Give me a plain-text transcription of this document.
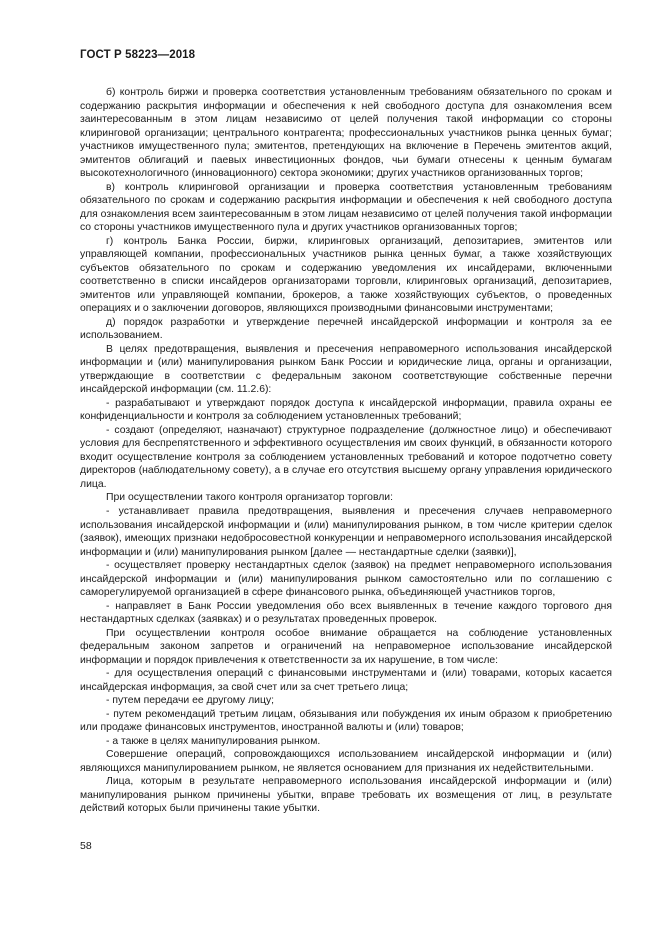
ГОСТ Р 58223—2018

б) контроль биржи и проверка соответствия установленным требованиям обязательного по срокам и содержанию раскрытия информации и обеспечения к ней свободного доступа для ознакомления всем заинтересованным в этом лицам независимо от целей получения такой информации со стороны клиринговой организации; центрального контрагента; профессиональных участников рынка ценных бумаг; участников имущественного пула; эмитентов, претендующих на включение в Перечень эмитентов акций, эмитентов облигаций и паевых инвестиционных фондов, чьи бумаги отнесены к ценным бумагам высокотехнологичного (инновационного) сектора экономики; других участников организованных торгов;

в) контроль клиринговой организации и проверка соответствия установленным требованиям обязательного по срокам и содержанию раскрытия информации и обеспечения к ней свободного доступа для ознакомления всем заинтересованным в этом лицам независимо от целей получения такой информации со стороны участников имущественного пула и других участников организованных торгов;

г) контроль Банка России, биржи, клиринговых организаций, депозитариев, эмитентов или управляющей компании, профессиональных участников рынка ценных бумаг, а также хозяйствующих субъектов обязательного по срокам и содержанию уведомления их инсайдерами, включенными соответственно в списки инсайдеров организаторами торговли, клиринговых организаций, депозитариев, эмитентов или управляющей компании, брокеров, а также хозяйствующих субъектов, о проведенных операциях и о заключении договоров, являющихся производными финансовыми инструментами;

д) порядок разработки и утверждение перечней инсайдерской информации и контроля за ее использованием.

В целях предотвращения, выявления и пресечения неправомерного использования инсайдерской информации и (или) манипулирования рынком Банк России и юридические лица, органы и организации, утверждающие в соответствии с федеральным законом соответствующие собственные перечни инсайдерской информации (см. 11.2.6):

- разрабатывают и утверждают порядок доступа к инсайдерской информации, правила охраны ее конфиденциальности и контроля за соблюдением установленных требований;

- создают (определяют, назначают) структурное подразделение (должностное лицо) и обеспечивают условия для беспрепятственного и эффективного осуществления им своих функций, в обязанности которого входит осуществление контроля за соблюдением установленных требований и которое подотчетно совету директоров (наблюдательному совету), а в случае его отсутствия высшему органу управления юридического лица.

При осуществлении такого контроля организатор торговли:

- устанавливает правила предотвращения, выявления и пресечения случаев неправомерного использования инсайдерской информации и (или) манипулирования рынком, в том числе критерии сделок (заявок), имеющих признаки недобросовестной конкуренции и неправомерного использования инсайдерской информации и (или) манипулирования рынком [далее — нестандартные сделки (заявки)],

- осуществляет проверку нестандартных сделок (заявок) на предмет неправомерного использования инсайдерской информации и (или) манипулирования рынком самостоятельно или по соглашению с саморегулируемой организацией в сфере финансового рынка, объединяющей участников торгов,

- направляет в Банк России уведомления обо всех выявленных в течение каждого торгового дня нестандартных сделках (заявках) и о результатах проведенных проверок.

При осуществлении контроля особое внимание обращается на соблюдение установленных федеральным законом запретов и ограничений на неправомерное использование инсайдерской информации и порядок привлечения к ответственности за их нарушение, в том числе:

- для осуществления операций с финансовыми инструментами и (или) товарами, которых касается инсайдерская информация, за свой счет или за счет третьего лица;

- путем передачи ее другому лицу;

- путем рекомендаций третьим лицам, обязывания или побуждения их иным образом к приобретению или продаже финансовых инструментов, иностранной валюты и (или) товаров;

- а также в целях манипулирования рынком.

Совершение операций, сопровождающихся использованием инсайдерской информации и (или) являющихся манипулированием рынком, не является основанием для признания их недействительными.

Лица, которым в результате неправомерного использования инсайдерской информации и (или) манипулирования рынком причинены убытки, вправе требовать их возмещения от лиц, в результате действий которых были причинены такие убытки.

58
